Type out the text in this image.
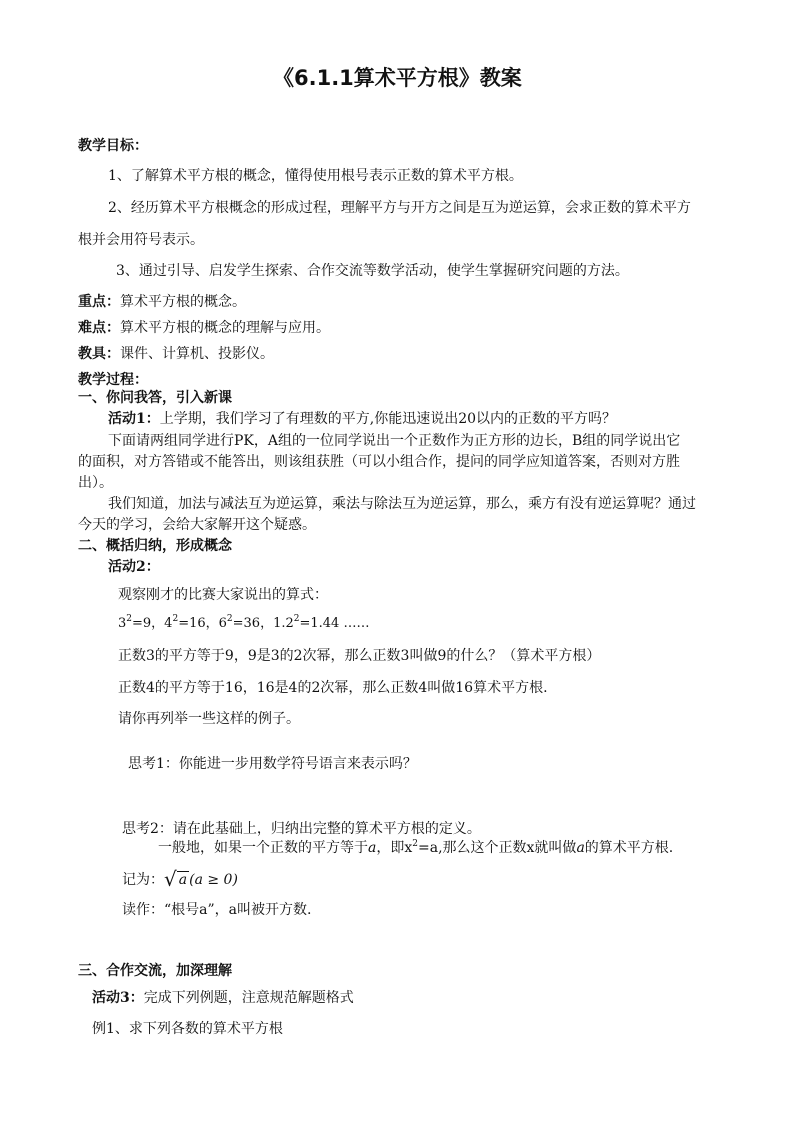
《6.1.1算术平方根》教案
教学目标：
1、了解算术平方根的概念，懂得使用根号表示正数的算术平方根。
2、经历算术平方根概念的形成过程，理解平方与开方之间是互为逆运算，会求正数的算术平方
根并会用符号表示。
3、通过引导、启发学生探索、合作交流等数学活动，使学生掌握研究问题的方法。
重点：算术平方根的概念。
难点：算术平方根的概念的理解与应用。
教具：课件、计算机、投影仪。
教学过程：
一、你问我答，引入新课
活动1：上学期，我们学习了有理数的平方,你能迅速说出20以内的正数的平方吗？
下面请两组同学进行PK，A组的一位同学说出一个正数作为正方形的边长，B组的同学说出它
的面积，对方答错或不能答出，则该组获胜（可以小组合作，提问的同学应知道答案，否则对方胜
出）。
我们知道，加法与减法互为逆运算，乘法与除法互为逆运算，那么，乘方有没有逆运算呢？通过
今天的学习，会给大家解开这个疑惑。
二、概括归纳，形成概念
活动2：
观察刚才的比赛大家说出的算式：
$3^2=9$，$4^2=16$，$6^2=36$，$1.2^2=1.44$ ……
正数3的平方等于9，9是3的2次幂，那么正数3叫做9的什么？（算术平方根）
正数4的平方等于16，16是4的2次幂，那么正数4叫做16算术平方根.
请你再列举一些这样的例子。
思考1：你能进一步用数学符号语言来表示吗？
思考2：请在此基础上，归纳出完整的算术平方根的定义。
一般地，如果一个正数的平方等于a，即$x^2=a$,那么这个正数x就叫做a的算术平方根.
记为：√ a (a ≥ 0)
读作：“根号a”，a叫被开方数.
三、合作交流，加深理解
活动3：完成下列例题，注意规范解题格式
例1、求下列各数的算术平方根
